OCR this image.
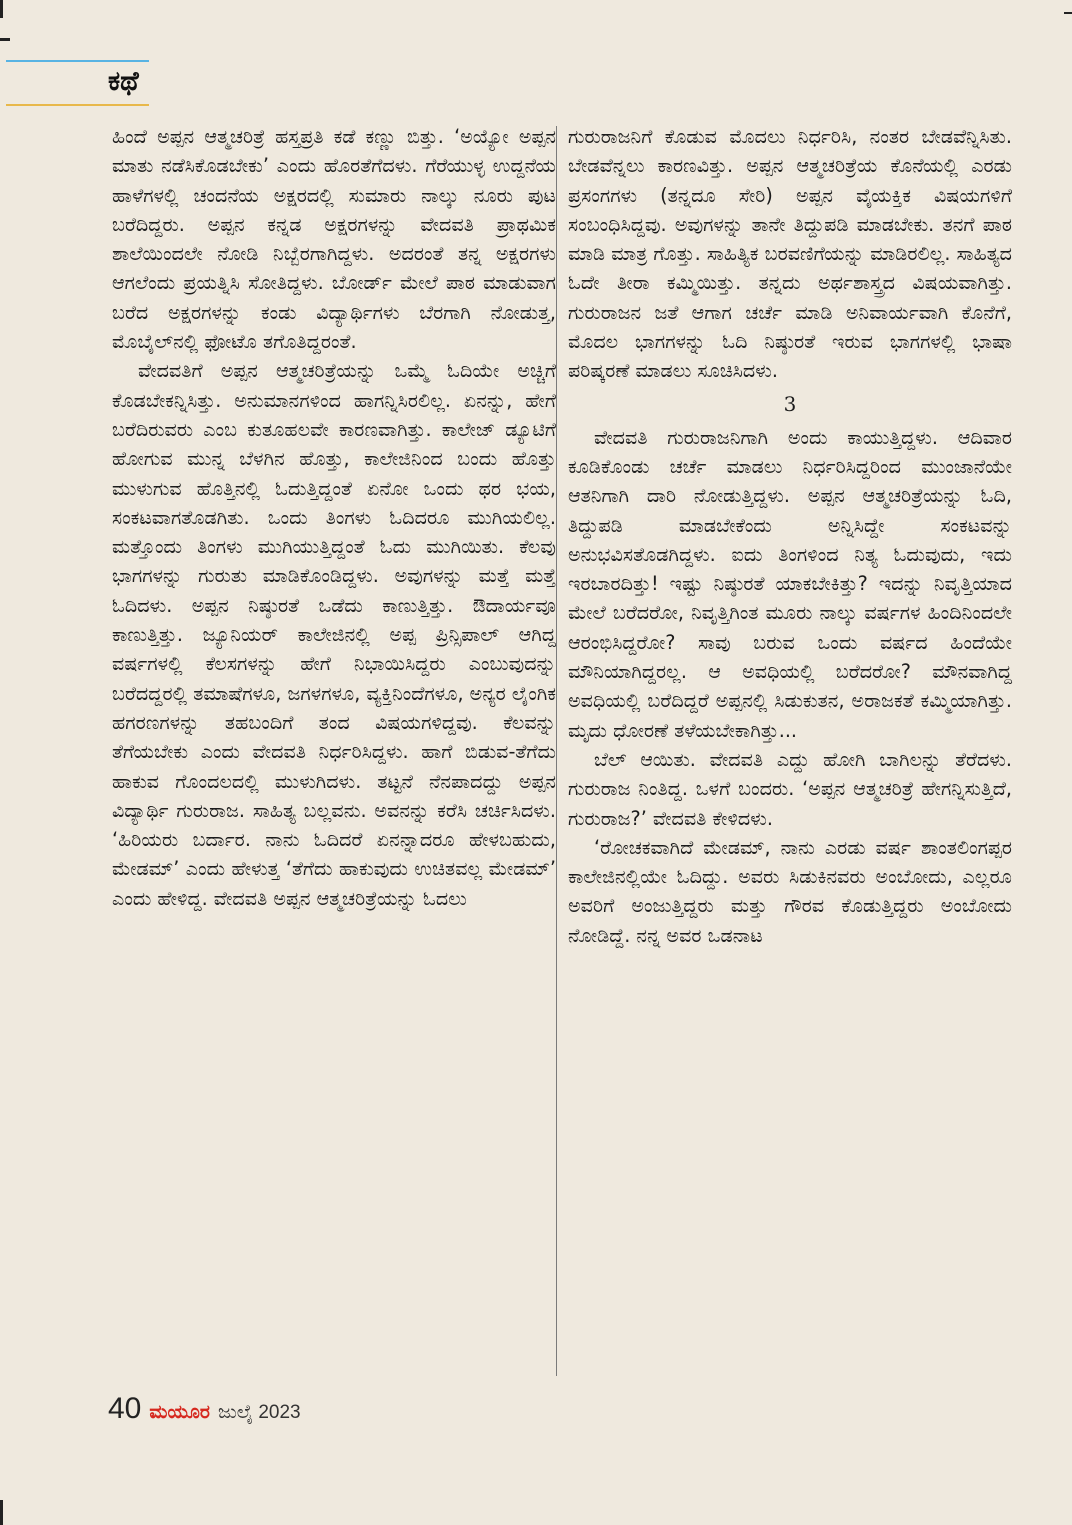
ಕಥೆ

ಹಿಂದೆ ಅಪ್ಪನ ಆತ್ಮಚರಿತ್ರೆ ಹಸ್ತಪ್ರತಿ ಕಡೆ ಕಣ್ಣು ಬಿತ್ತು. ‘ಅಯ್ಯೋ ಅಪ್ಪನ ಮಾತು ನಡೆಸಿಕೊಡಬೇಕು’ ಎಂದು ಹೊರತೆಗೆದಳು. ಗೆರೆಯುಳ್ಳ ಉದ್ದನೆಯ ಹಾಳೆಗಳಲ್ಲಿ ಚಂದನೆಯ ಅಕ್ಷರದಲ್ಲಿ ಸುಮಾರು ನಾಲ್ಕು ನೂರು ಪುಟ ಬರೆದಿದ್ದರು. ಅಪ್ಪನ ಕನ್ನಡ ಅಕ್ಷರಗಳನ್ನು ವೇದವತಿ ಪ್ರಾಥಮಿಕ ಶಾಲೆಯಿಂದಲೇ ನೋಡಿ ನಿಬ್ಬೆರಗಾಗಿದ್ದಳು. ಅದರಂತೆ ತನ್ನ ಅಕ್ಷರಗಳು ಆಗಲೆಂದು ಪ್ರಯತ್ನಿಸಿ ಸೋತಿದ್ದಳು. ಬೋರ್ಡ್ ಮೇಲೆ ಪಾಠ ಮಾಡುವಾಗ ಬರೆದ ಅಕ್ಷರಗಳನ್ನು ಕಂಡು ವಿದ್ಯಾರ್ಥಿಗಳು ಬೆರಗಾಗಿ ನೋಡುತ್ತ, ಮೊಬೈಲ್‌ನಲ್ಲಿ ಫೋಟೊ ತಗೊತಿದ್ದರಂತೆ.

ವೇದವತಿಗೆ ಅಪ್ಪನ ಆತ್ಮಚರಿತ್ರೆಯನ್ನು ಒಮ್ಮೆ ಓದಿಯೇ ಅಚ್ಚಿಗೆ ಕೊಡಬೇಕನ್ನಿಸಿತ್ತು. ಅನುಮಾನಗಳಿಂದ ಹಾಗನ್ನಿಸಿರಲಿಲ್ಲ. ಏನನ್ನು, ಹೇಗೆ ಬರೆದಿರುವರು ಎಂಬ ಕುತೂಹಲವೇ ಕಾರಣವಾಗಿತ್ತು. ಕಾಲೇಜ್ ಡ್ಯೂಟಿಗೆ ಹೋಗುವ ಮುನ್ನ ಬೆಳಗಿನ ಹೊತ್ತು, ಕಾಲೇಜಿನಿಂದ ಬಂದು ಹೊತ್ತು ಮುಳುಗುವ ಹೊತ್ತಿನಲ್ಲಿ ಓದುತ್ತಿದ್ದಂತೆ ಏನೋ ಒಂದು ಥರ ಭಯ, ಸಂಕಟವಾಗತೊಡಗಿತು. ಒಂದು ತಿಂಗಳು ಓದಿದರೂ ಮುಗಿಯಲಿಲ್ಲ. ಮತ್ತೊಂದು ತಿಂಗಳು ಮುಗಿಯುತ್ತಿದ್ದಂತೆ ಓದು ಮುಗಿಯಿತು. ಕೆಲವು ಭಾಗಗಳನ್ನು ಗುರುತು ಮಾಡಿಕೊಂಡಿದ್ದಳು. ಅವುಗಳನ್ನು ಮತ್ತೆ ಮತ್ತೆ ಓದಿದಳು. ಅಪ್ಪನ ನಿಷ್ಠುರತೆ ಒಡೆದು ಕಾಣುತ್ತಿತ್ತು. ಔದಾರ್ಯವೂ ಕಾಣುತ್ತಿತ್ತು. ಜ್ಯೂನಿಯರ್ ಕಾಲೇಜಿನಲ್ಲಿ ಅಪ್ಪ ಪ್ರಿನ್ಸಿಪಾಲ್ ಆಗಿದ್ದ ವರ್ಷಗಳಲ್ಲಿ ಕೆಲಸಗಳನ್ನು ಹೇಗೆ ನಿಭಾಯಿಸಿದ್ದರು ಎಂಬುವುದನ್ನು ಬರೆದದ್ದರಲ್ಲಿ ತಮಾಷೆಗಳೂ, ಜಗಳಗಳೂ, ವ್ಯಕ್ತಿನಿಂದೆಗಳೂ, ಅನ್ಯರ ಲೈಂಗಿಕ ಹಗರಣಗಳನ್ನು ತಹಬಂದಿಗೆ ತಂದ ವಿಷಯಗಳಿದ್ದವು. ಕೆಲವನ್ನು ತೆಗೆಯಬೇಕು ಎಂದು ವೇದವತಿ ನಿರ್ಧರಿಸಿದ್ದಳು. ಹಾಗೆ ಬಿಡುವ-ತೆಗೆದು ಹಾಕುವ ಗೊಂದಲದಲ್ಲಿ ಮುಳುಗಿದಳು. ತಟ್ಟನೆ ನೆನಪಾದದ್ದು ಅಪ್ಪನ ವಿದ್ಯಾರ್ಥಿ ಗುರುರಾಜ. ಸಾಹಿತ್ಯ ಬಲ್ಲವನು. ಅವನನ್ನು ಕರೆಸಿ ಚರ್ಚಿಸಿದಳು. ‘ಹಿರಿಯರು ಬರ್ದಾರ. ನಾನು ಓದಿದರೆ ಏನನ್ನಾದರೂ ಹೇಳಬಹುದು, ಮೇಡಮ್’ ಎಂದು ಹೇಳುತ್ತ ‘ತೆಗೆದು ಹಾಕುವುದು ಉಚಿತವಲ್ಲ ಮೇಡಮ್’ ಎಂದು ಹೇಳಿದ್ದ. ವೇದವತಿ ಅಪ್ಪನ ಆತ್ಮಚರಿತ್ರೆಯನ್ನು ಓದಲು

ಗುರುರಾಜನಿಗೆ ಕೊಡುವ ಮೊದಲು ನಿರ್ಧರಿಸಿ, ನಂತರ ಬೇಡವೆನ್ನಿಸಿತು. ಬೇಡವೆನ್ನಲು ಕಾರಣವಿತ್ತು. ಅಪ್ಪನ ಆತ್ಮಚರಿತ್ರೆಯ ಕೊನೆಯಲ್ಲಿ ಎರಡು ಪ್ರಸಂಗಗಳು (ತನ್ನದೂ ಸೇರಿ) ಅಪ್ಪನ ವೈಯಕ್ತಿಕ ವಿಷಯಗಳಿಗೆ ಸಂಬಂಧಿಸಿದ್ದವು. ಅವುಗಳನ್ನು ತಾನೇ ತಿದ್ದುಪಡಿ ಮಾಡಬೇಕು. ತನಗೆ ಪಾಠ ಮಾಡಿ ಮಾತ್ರ ಗೊತ್ತು. ಸಾಹಿತ್ಯಿಕ ಬರವಣಿಗೆಯನ್ನು ಮಾಡಿರಲಿಲ್ಲ. ಸಾಹಿತ್ಯದ ಓದೇ ತೀರಾ ಕಮ್ಮಿಯಿತ್ತು. ತನ್ನದು ಅರ್ಥಶಾಸ್ತ್ರದ ವಿಷಯವಾಗಿತ್ತು. ಗುರುರಾಜನ ಜತೆ ಆಗಾಗ ಚರ್ಚೆ ಮಾಡಿ ಅನಿವಾರ್ಯವಾಗಿ ಕೊನೆಗೆ, ಮೊದಲ ಭಾಗಗಳನ್ನು ಓದಿ ನಿಷ್ಠುರತೆ ಇರುವ ಭಾಗಗಳಲ್ಲಿ ಭಾಷಾ ಪರಿಷ್ಕರಣೆ ಮಾಡಲು ಸೂಚಿಸಿದಳು.

3

ವೇದವತಿ ಗುರುರಾಜನಿಗಾಗಿ ಅಂದು ಕಾಯುತ್ತಿದ್ದಳು. ಆದಿವಾರ ಕೂಡಿಕೊಂಡು ಚರ್ಚೆ ಮಾಡಲು ನಿರ್ಧರಿಸಿದ್ದರಿಂದ ಮುಂಜಾನೆಯೇ ಆತನಿಗಾಗಿ ದಾರಿ ನೋಡುತ್ತಿದ್ದಳು. ಅಪ್ಪನ ಆತ್ಮಚರಿತ್ರೆಯನ್ನು ಓದಿ, ತಿದ್ದುಪಡಿ ಮಾಡಬೇಕೆಂದು ಅನ್ನಿಸಿದ್ದೇ ಸಂಕಟವನ್ನು ಅನುಭವಿಸತೊಡಗಿದ್ದಳು. ಐದು ತಿಂಗಳಿಂದ ನಿತ್ಯ ಓದುವುದು, ಇದು ಇರಬಾರದಿತ್ತು! ಇಷ್ಟು ನಿಷ್ಠುರತೆ ಯಾಕಬೇಕಿತ್ತು? ಇದನ್ನು ನಿವೃತ್ತಿಯಾದ ಮೇಲೆ ಬರೆದರೋ, ನಿವೃತ್ತಿಗಿಂತ ಮೂರು ನಾಲ್ಕು ವರ್ಷಗಳ ಹಿಂದಿನಿಂದಲೇ ಆರಂಭಿಸಿದ್ದರೋ? ಸಾವು ಬರುವ ಒಂದು ವರ್ಷದ ಹಿಂದೆಯೇ ಮೌನಿಯಾಗಿದ್ದರಲ್ಲ. ಆ ಅವಧಿಯಲ್ಲಿ ಬರೆದರೋ? ಮೌನವಾಗಿದ್ದ ಅವಧಿಯಲ್ಲಿ ಬರೆದಿದ್ದರೆ ಅಪ್ಪನಲ್ಲಿ ಸಿಡುಕುತನ, ಅರಾಜಕತೆ ಕಮ್ಮಿಯಾಗಿತ್ತು. ಮೃದು ಧೋರಣೆ ತಳೆಯಬೇಕಾಗಿತ್ತು...

ಬೆಲ್ ಆಯಿತು. ವೇದವತಿ ಎದ್ದು ಹೋಗಿ ಬಾಗಿಲನ್ನು ತೆರೆದಳು. ಗುರುರಾಜ ನಿಂತಿದ್ದ. ಒಳಗೆ ಬಂದರು. ‘ಅಪ್ಪನ ಆತ್ಮಚರಿತ್ರೆ ಹೇಗನ್ನಿಸುತ್ತಿದೆ, ಗುರುರಾಜ?’ ವೇದವತಿ ಕೇಳಿದಳು.

‘ರೋಚಕವಾಗಿದೆ ಮೇಡಮ್, ನಾನು ಎರಡು ವರ್ಷ ಶಾಂತಲಿಂಗಪ್ಪರ ಕಾಲೇಜಿನಲ್ಲಿಯೇ ಓದಿದ್ದು. ಅವರು ಸಿಡುಕಿನವರು ಅಂಬೋದು, ಎಲ್ಲರೂ ಅವರಿಗೆ ಅಂಜುತ್ತಿದ್ದರು ಮತ್ತು ಗೌರವ ಕೊಡುತ್ತಿದ್ದರು ಅಂಬೋದು ನೋಡಿದ್ದೆ. ನನ್ನ ಅವರ ಒಡನಾಟ

40 ಮಯೂರ ಜುಲೈ 2023
